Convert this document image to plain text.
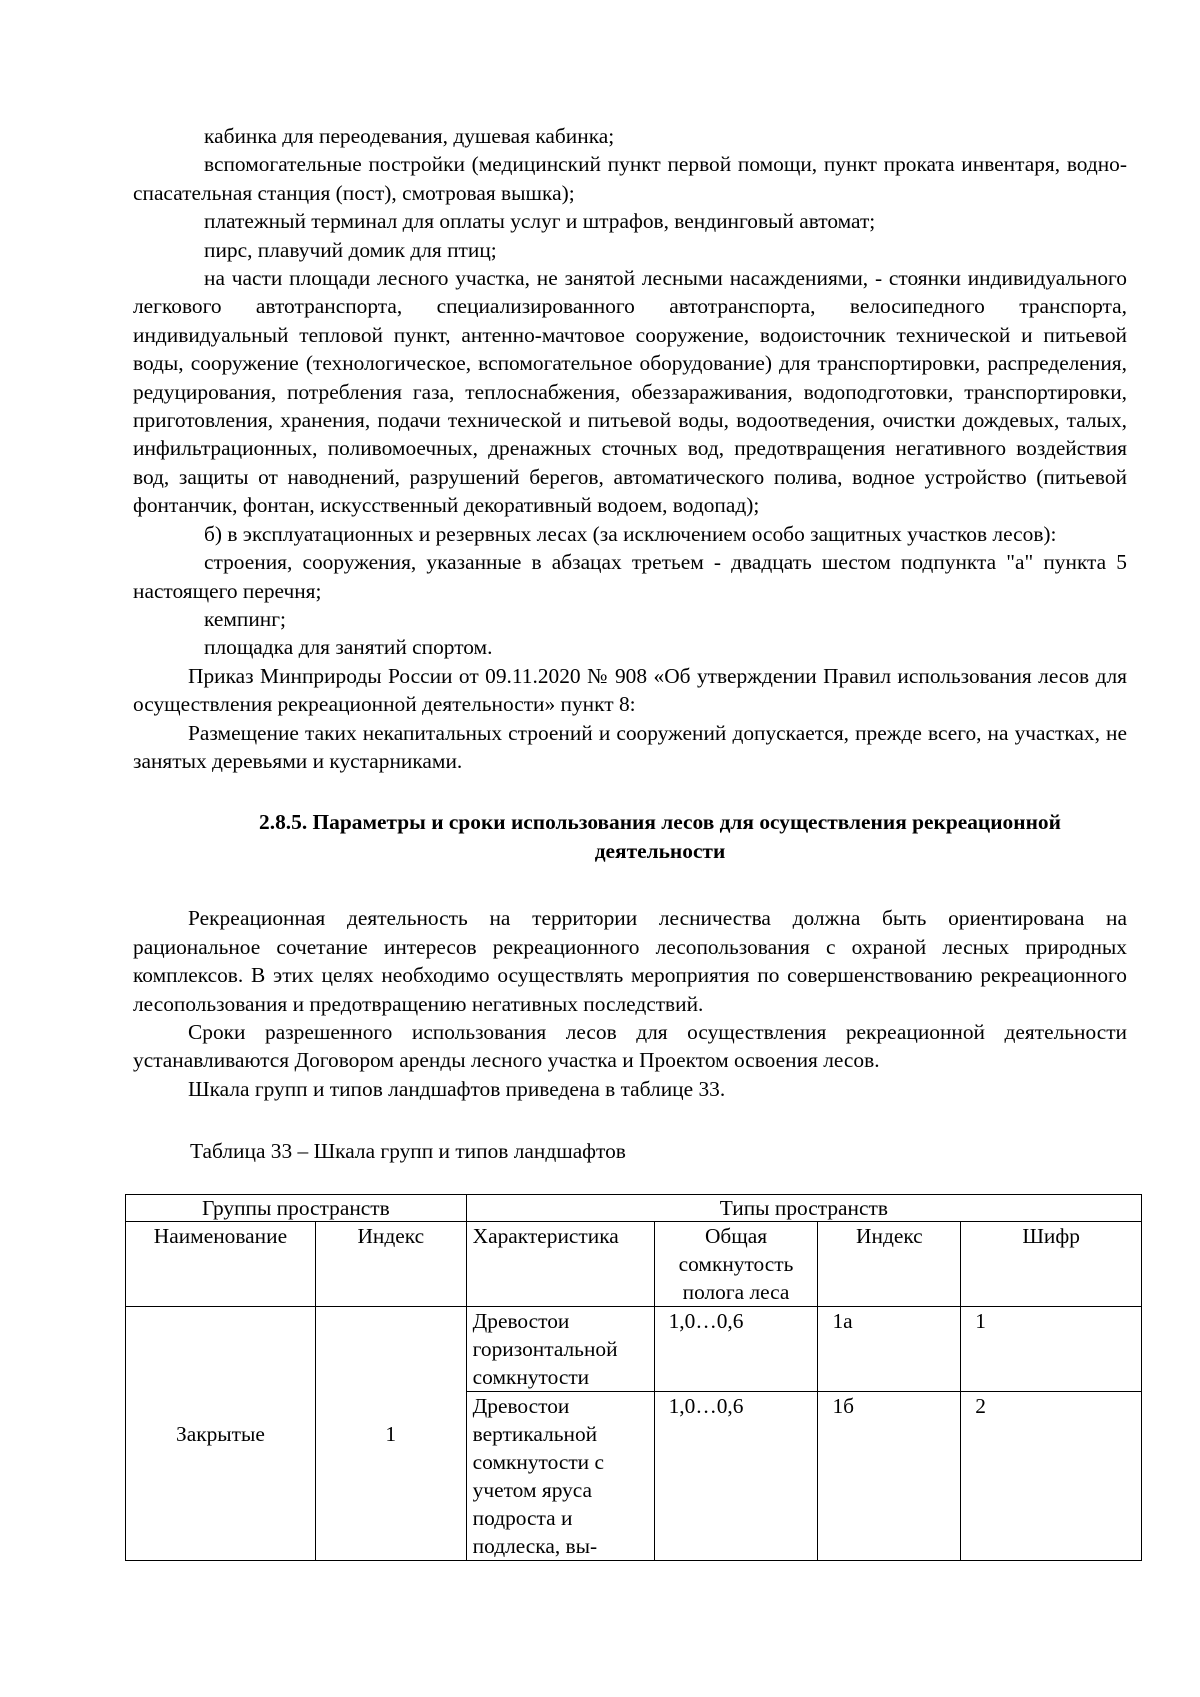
кабинка для переодевания, душевая кабинка;

вспомогательные постройки (медицинский пункт первой помощи, пункт проката инвентаря, водно-спасательная станция (пост), смотровая вышка);

платежный терминал для оплаты услуг и штрафов, вендинговый автомат;

пирс, плавучий домик для птиц;

на части площади лесного участка, не занятой лесными насаждениями, - стоянки индивидуального легкового автотранспорта, специализированного автотранспорта, велосипедного транспорта, индивидуальный тепловой пункт, антенно-мачтовое сооружение, водоисточник технической и питьевой воды, сооружение (технологическое, вспомогательное оборудование) для транспортировки, распределения, редуцирования, потребления газа, теплоснабжения, обеззараживания, водоподготовки, транспортировки, приготовления, хранения, подачи технической и питьевой воды, водоотведения, очистки дождевых, талых, инфильтрационных, поливомоечных, дренажных сточных вод, предотвращения негативного воздействия вод, защиты от наводнений, разрушений берегов, автоматического полива, водное устройство (питьевой фонтанчик, фонтан, искусственный декоративный водоем, водопад);

б) в эксплуатационных и резервных лесах (за исключением особо защитных участков лесов):

строения, сооружения, указанные в абзацах третьем - двадцать шестом подпункта "а" пункта 5 настоящего перечня;

кемпинг;

площадка для занятий спортом.

Приказ Минприроды России от 09.11.2020 № 908 «Об утверждении Правил использования лесов для осуществления рекреационной деятельности» пункт 8:

Размещение таких некапитальных строений и сооружений допускается, прежде всего, на участках, не занятых деревьями и кустарниками.

2.8.5. Параметры и сроки использования лесов для осуществления рекреационной деятельности

Рекреационная деятельность на территории лесничества должна быть ориентирована на рациональное сочетание интересов рекреационного лесопользования с охраной лесных природных комплексов. В этих целях необходимо осуществлять мероприятия по совершенствованию рекреационного лесопользования и предотвращению негативных последствий.

Сроки разрешенного использования лесов для осуществления рекреационной деятельности устанавливаются Договором аренды лесного участка и Проектом освоения лесов.

Шкала групп и типов ландшафтов приведена в таблице 33.

Таблица 33 – Шкала групп и типов ландшафтов
Группы пространств		Типы пространств			
Наименование	Индекс	Характеристика	Общая сомкнутость полога леса	Индекс	Шифр
Закрытые	1	Древостои горизонтальной сомкнутости	1,0…0,6	1а	1
		Древостои вертикальной сомкнутости с учетом яруса подроста и подлеска, вы-	1,0…0,6	1б	2
